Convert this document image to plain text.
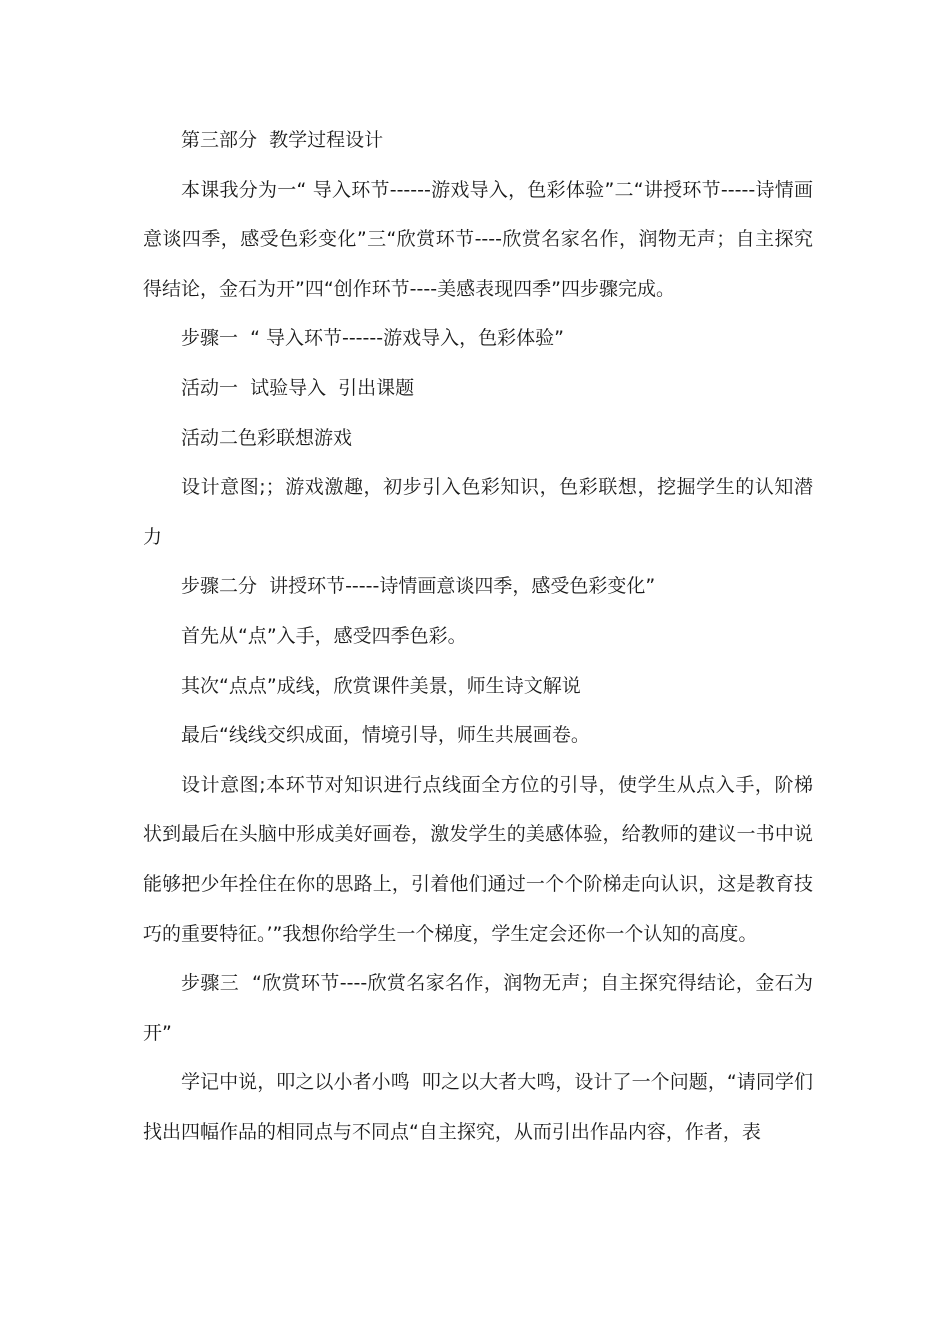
第三部分  教学过程设计

本课我分为一“ 导入环节------游戏导入，色彩体验”二“讲授环节-----诗情画意谈四季，感受色彩变化”三“欣赏环节----欣赏名家名作，润物无声；自主探究得结论，金石为开”四“创作环节----美感表现四季”四步骤完成。

步骤一  “ 导入环节------游戏导入，色彩体验”

活动一  试验导入  引出课题

活动二色彩联想游戏

设计意图;；游戏激趣，初步引入色彩知识，色彩联想，挖掘学生的认知潜力

步骤二分  讲授环节-----诗情画意谈四季，感受色彩变化”

首先从“点”入手，感受四季色彩。

其次“点点”成线，欣赏课件美景，师生诗文解说

最后“线线交织成面，情境引导，师生共展画卷。

设计意图;本环节对知识进行点线面全方位的引导，使学生从点入手，阶梯状到最后在头脑中形成美好画卷，激发学生的美感体验，给教师的建议一书中说能够把少年拴住在你的思路上，引着他们通过一个个阶梯走向认识，这是教育技巧的重要特征。’”我想你给学生一个梯度，学生定会还你一个认知的高度。

步骤三  “欣赏环节----欣赏名家名作，润物无声；自主探究得结论，金石为开”

学记中说，叩之以小者小鸣  叩之以大者大鸣，设计了一个问题，“请同学们找出四幅作品的相同点与不同点“自主探究，从而引出作品内容，作者，表
